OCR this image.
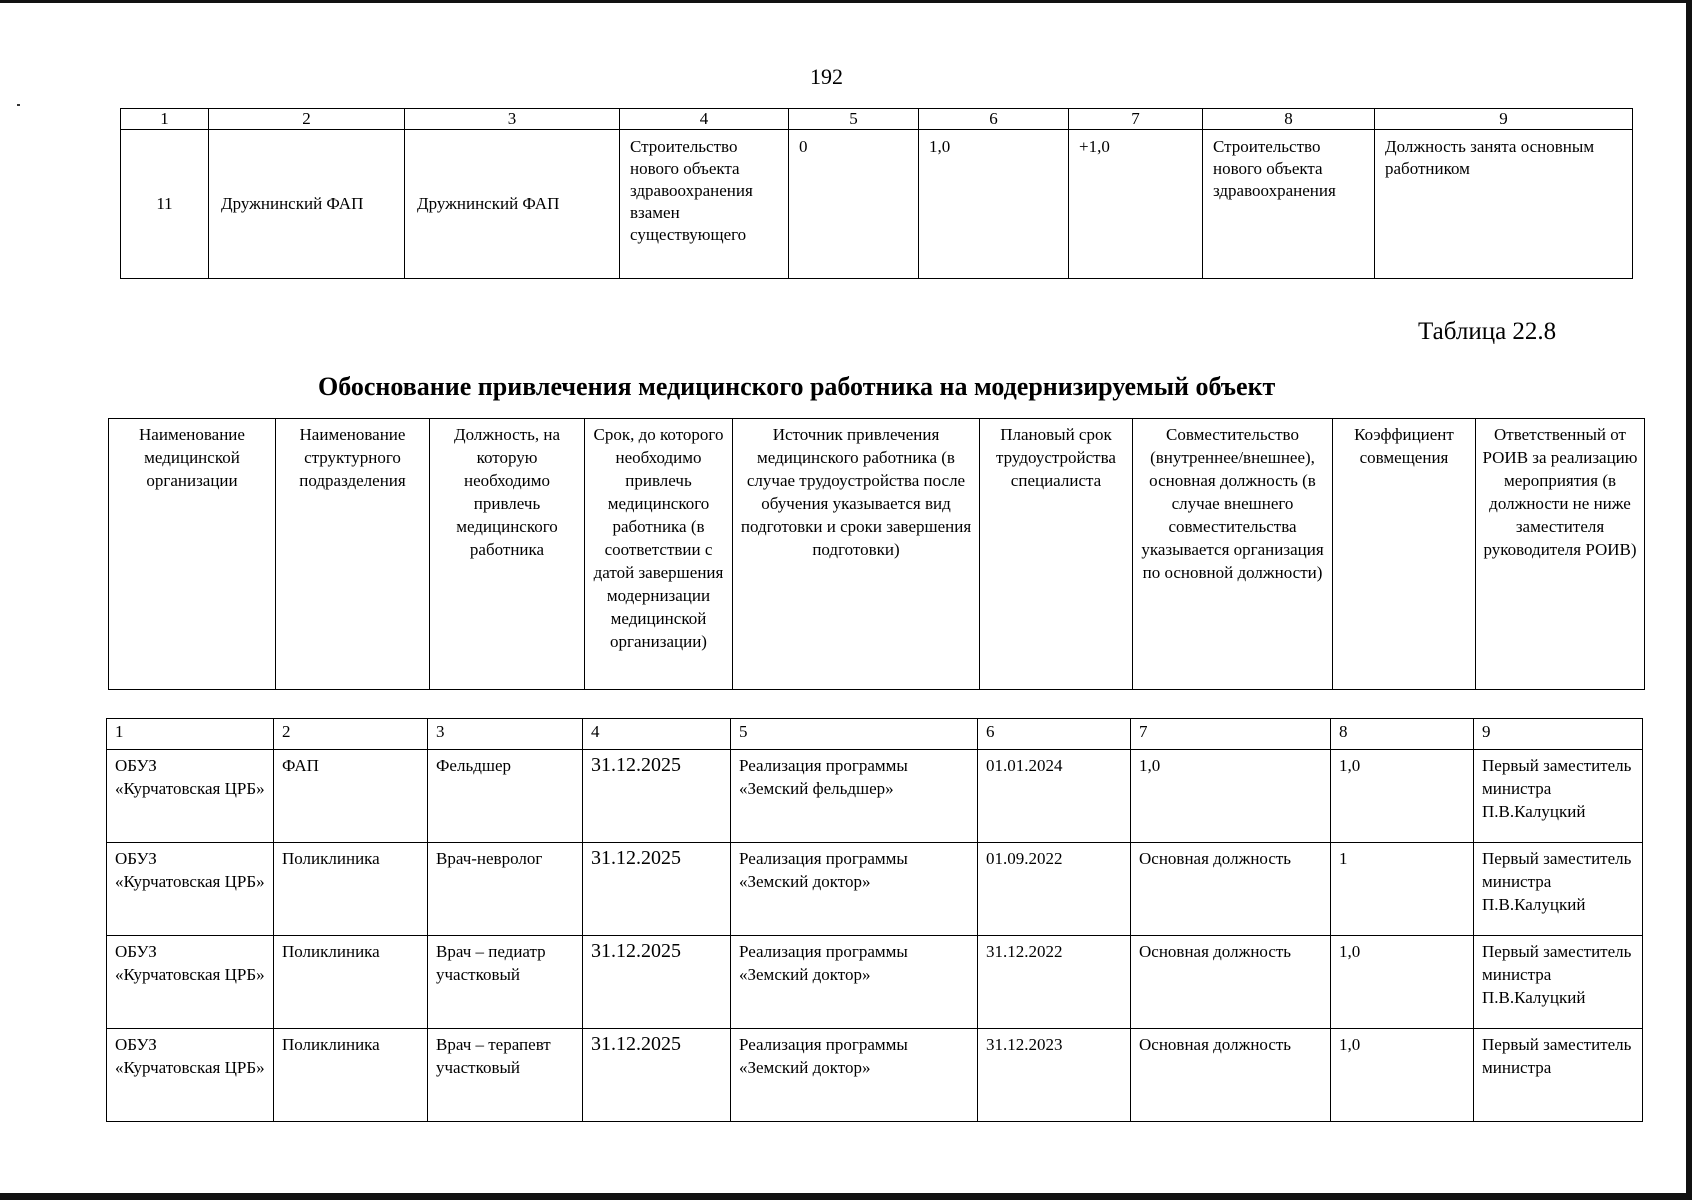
192
1	2	3	4	5	6	7	8	9
11	Дружнинский ФАП	Дружнинский ФАП	Строительство нового объекта здравоохранения взамен существующего	0	1,0	+1,0	Строительство нового объекта здравоохранения	Должность занята основным работником
Таблица 22.8
Обоснование привлечения медицинского работника на модернизируемый объект
Наименование медицинской организации	Наименование структурного подразделения	Должность, на которую необходимо привлечь медицинского работника	Срок, до которого необходимо привлечь медицинского работника (в соответствии с датой завершения модернизации медицинской организации)	Источник привлечения медицинского работника (в случае трудоустройства после обучения указывается вид подготовки и сроки завершения подготовки)	Плановый срок трудоустройства специалиста	Совместительство (внутреннее/внешнее), основная должность (в случае внешнего совместительства указывается организация по основной должности)	Коэффициент совмещения	Ответственный от РОИВ за реализацию мероприятия (в должности не ниже заместителя руководителя РОИВ)
1	2	3	4	5	6	7	8	9
ОБУЗ «Курчатовская ЦРБ»	ФАП	Фельдшер	31.12.2025	Реализация программы «Земский фельдшер»	01.01.2024	1,0	1,0	Первый заместитель министра П.В.Калуцкий
ОБУЗ «Курчатовская ЦРБ»	Поликлиника	Врач-невролог	31.12.2025	Реализация программы «Земский доктор»	01.09.2022	Основная должность	1	Первый заместитель министра П.В.Калуцкий
ОБУЗ «Курчатовская ЦРБ»	Поликлиника	Врач – педиатр участковый	31.12.2025	Реализация программы «Земский доктор»	31.12.2022	Основная должность	1,0	Первый заместитель министра П.В.Калуцкий
ОБУЗ «Курчатовская ЦРБ»	Поликлиника	Врач – терапевт участковый	31.12.2025	Реализация программы «Земский доктор»	31.12.2023	Основная должность	1,0	Первый заместитель министра
